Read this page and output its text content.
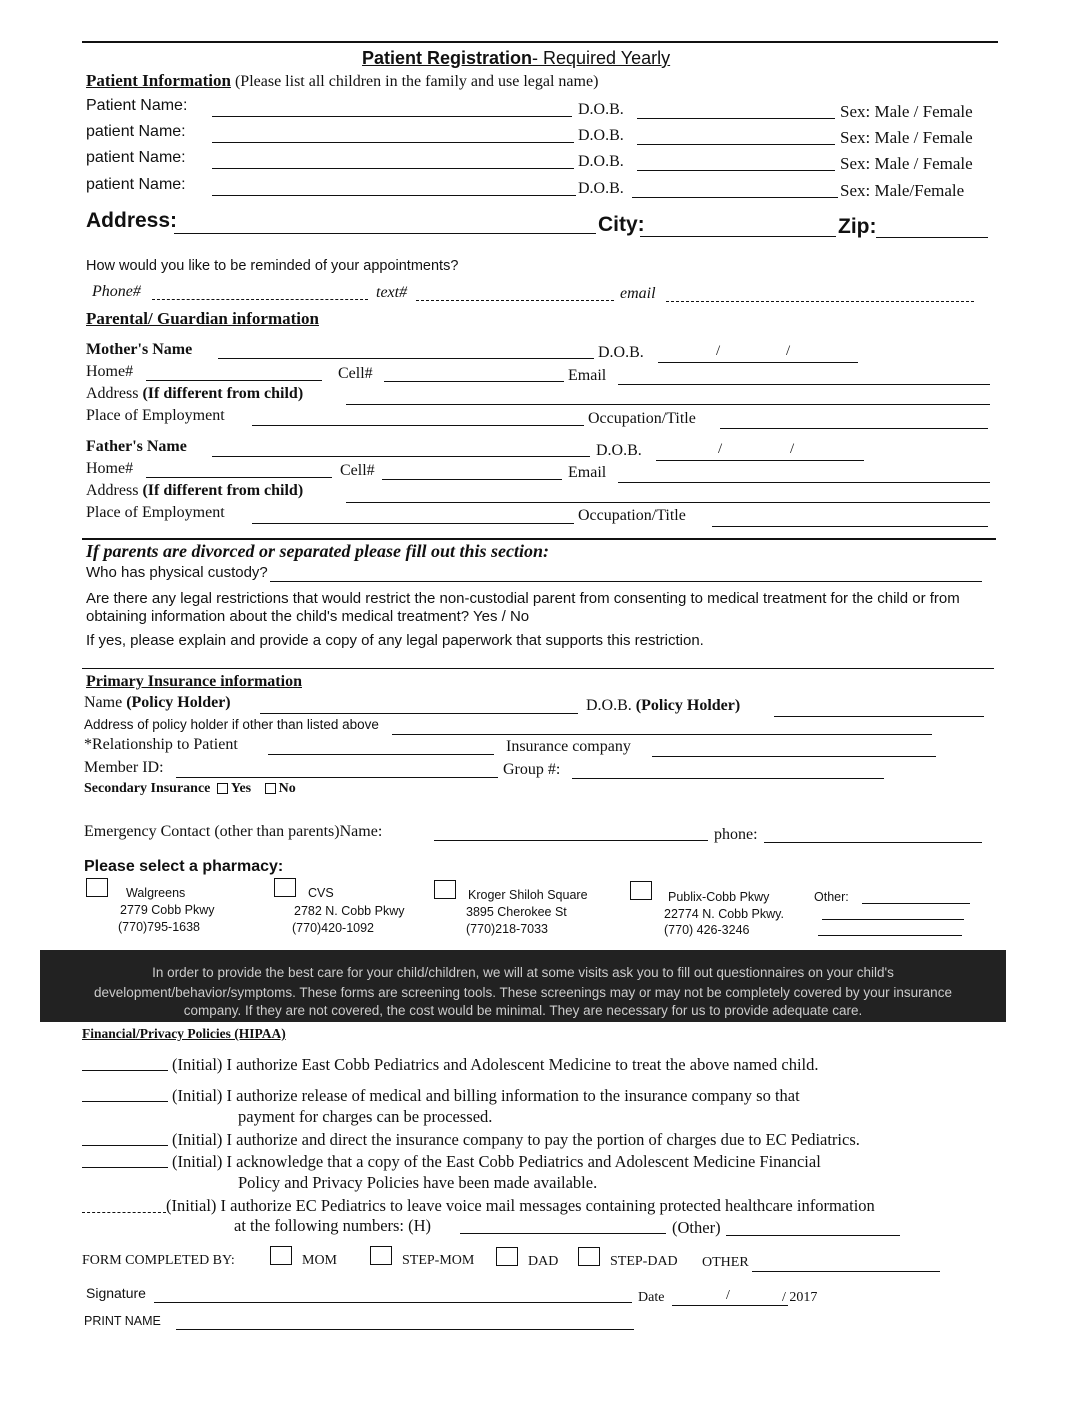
Patient Registration- Required Yearly
Patient Information (Please list all children in the family and use legal name)
Patient Name:	D.O.B.	Sex: Male / Female
patient Name:	D.O.B.	Sex: Male / Female
patient Name:	D.O.B.	Sex: Male / Female
patient Name:	D.O.B.	Sex: Male/Female
Address:	City:	Zip:
How would you like to be reminded of your appointments?
Phone#	text#	email
Parental/ Guardian information
Mother's Name	D.O.B.	/	/
Home#	Cell#	Email
Address (If different from child)
Place of Employment	Occupation/Title
Father's Name	D.O.B.	/	/
Home#	Cell#	Email
Address (If different from child)
Place of Employment	Occupation/Title
If parents are divorced or separated please fill out this section:
Who has physical custody?
Are there any legal restrictions that would restrict the non-custodial parent from consenting to medical treatment for the child or from
obtaining information about the child's medical treatment? Yes / No
If yes, please explain and provide a copy of any legal paperwork that supports this restriction.
Primary Insurance information
Name (Policy Holder)	D.O.B. (Policy Holder)
Address of policy holder if other than listed above
*Relationship to Patient	Insurance company
Member ID:	Group #:
Secondary Insurance Yes No
Emergency Contact (other than parents)Name:	phone:
Please select a pharmacy:
Walgreens
2779 Cobb Pkwy
(770)795-1638
CVS
2782 N. Cobb Pkwy
(770)420-1092
Kroger Shiloh Square
3895 Cherokee St
(770)218-7033
Publix-Cobb Pkwy
22774 N. Cobb Pkwy.
(770) 426-3246
Other:
In order to provide the best care for your child/children, we will at some visits ask you to fill out questionnaires on your child's
development/behavior/symptoms. These forms are screening tools. These screenings may or may not be completely covered by your insurance
company. If they are not covered, the cost would be minimal. They are necessary for us to provide adequate care.
Financial/Privacy Policies (HIPAA)
(Initial) I authorize East Cobb Pediatrics and Adolescent Medicine to treat the above named child.
(Initial) I authorize release of medical and billing information to the insurance company so that
payment for charges can be processed.
(Initial) I authorize and direct the insurance company to pay the portion of charges due to EC Pediatrics.
(Initial) I acknowledge that a copy of the East Cobb Pediatrics and Adolescent Medicine Financial
Policy and Privacy Policies have been made available.
(Initial) I authorize EC Pediatrics to leave voice mail messages containing protected healthcare information
at the following numbers: (H)	(Other)
FORM COMPLETED BY:	MOM	STEP-MOM	DAD	STEP-DAD OTHER
Signature	Date	/	/ 2017
PRINT NAME
